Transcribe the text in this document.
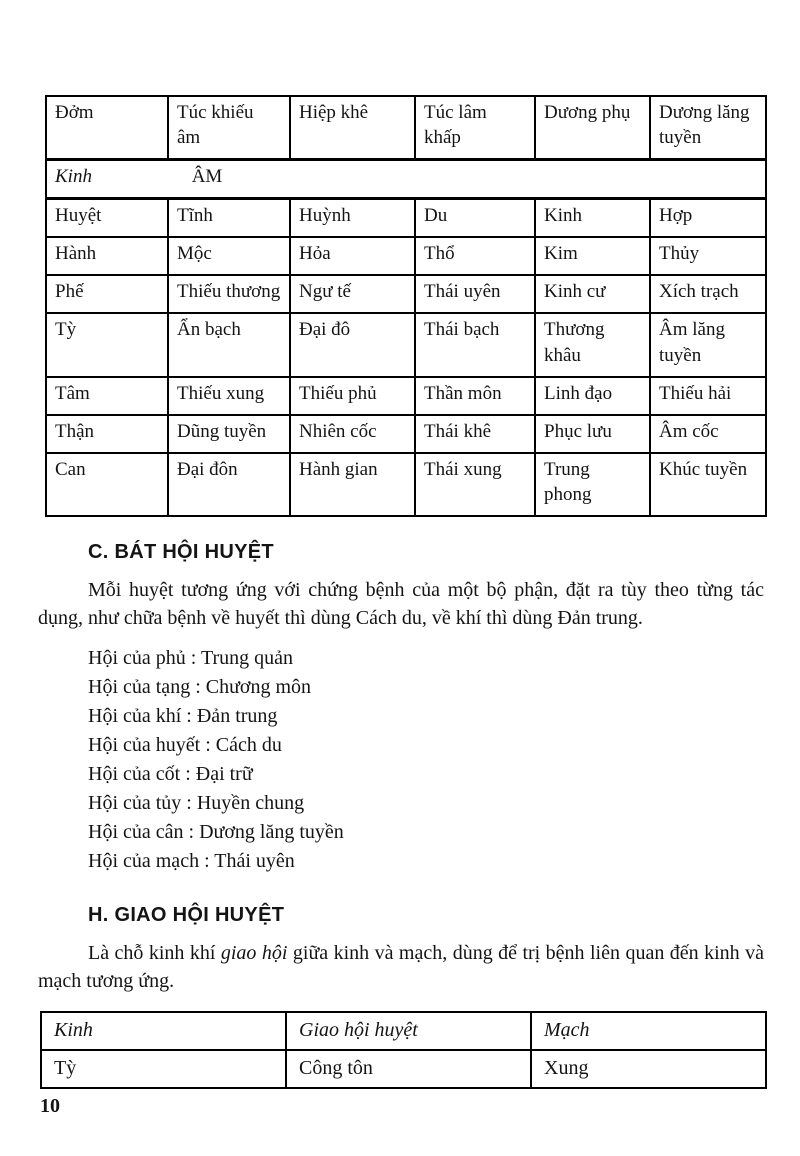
Đởm	Túc khiếu âm	Hiệp khê	Túc lâm khấp	Dương phụ	Dương lăng tuyền
Kinh ÂM					
Huyệt	Tĩnh	Huỳnh	Du	Kinh	Hợp
Hành	Mộc	Hỏa	Thổ	Kim	Thủy
Phế	Thiếu thương	Ngư tế	Thái uyên	Kinh cư	Xích trạch
Tỳ	Ẩn bạch	Đại đô	Thái bạch	Thương khâu	Âm lăng tuyền
Tâm	Thiếu xung	Thiếu phủ	Thần môn	Linh đạo	Thiếu hải
Thận	Dũng tuyền	Nhiên cốc	Thái khê	Phục lưu	Âm cốc
Can	Đại đôn	Hành gian	Thái xung	Trung phong	Khúc tuyền
C. BÁT HỘI HUYỆT

Mỗi huyệt tương ứng với chứng bệnh của một bộ phận, đặt ra tùy theo từng tác dụng, như chữa bệnh về huyết thì dùng Cách du, về khí thì dùng Đản trung.

Hội của phủ : Trung quản
Hội của tạng : Chương môn
Hội của khí : Đản trung
Hội của huyết : Cách du
Hội của cốt : Đại trữ
Hội của tủy : Huyền chung
Hội của cân : Dương lăng tuyền
Hội của mạch : Thái uyên
H. GIAO HỘI HUYỆT

Là chỗ kinh khí giao hội giữa kinh và mạch, dùng để trị bệnh liên quan đến kinh và mạch tương ứng.

Kinh	Giao hội huyệt	Mạch
Tỳ	Công tôn	Xung
10
